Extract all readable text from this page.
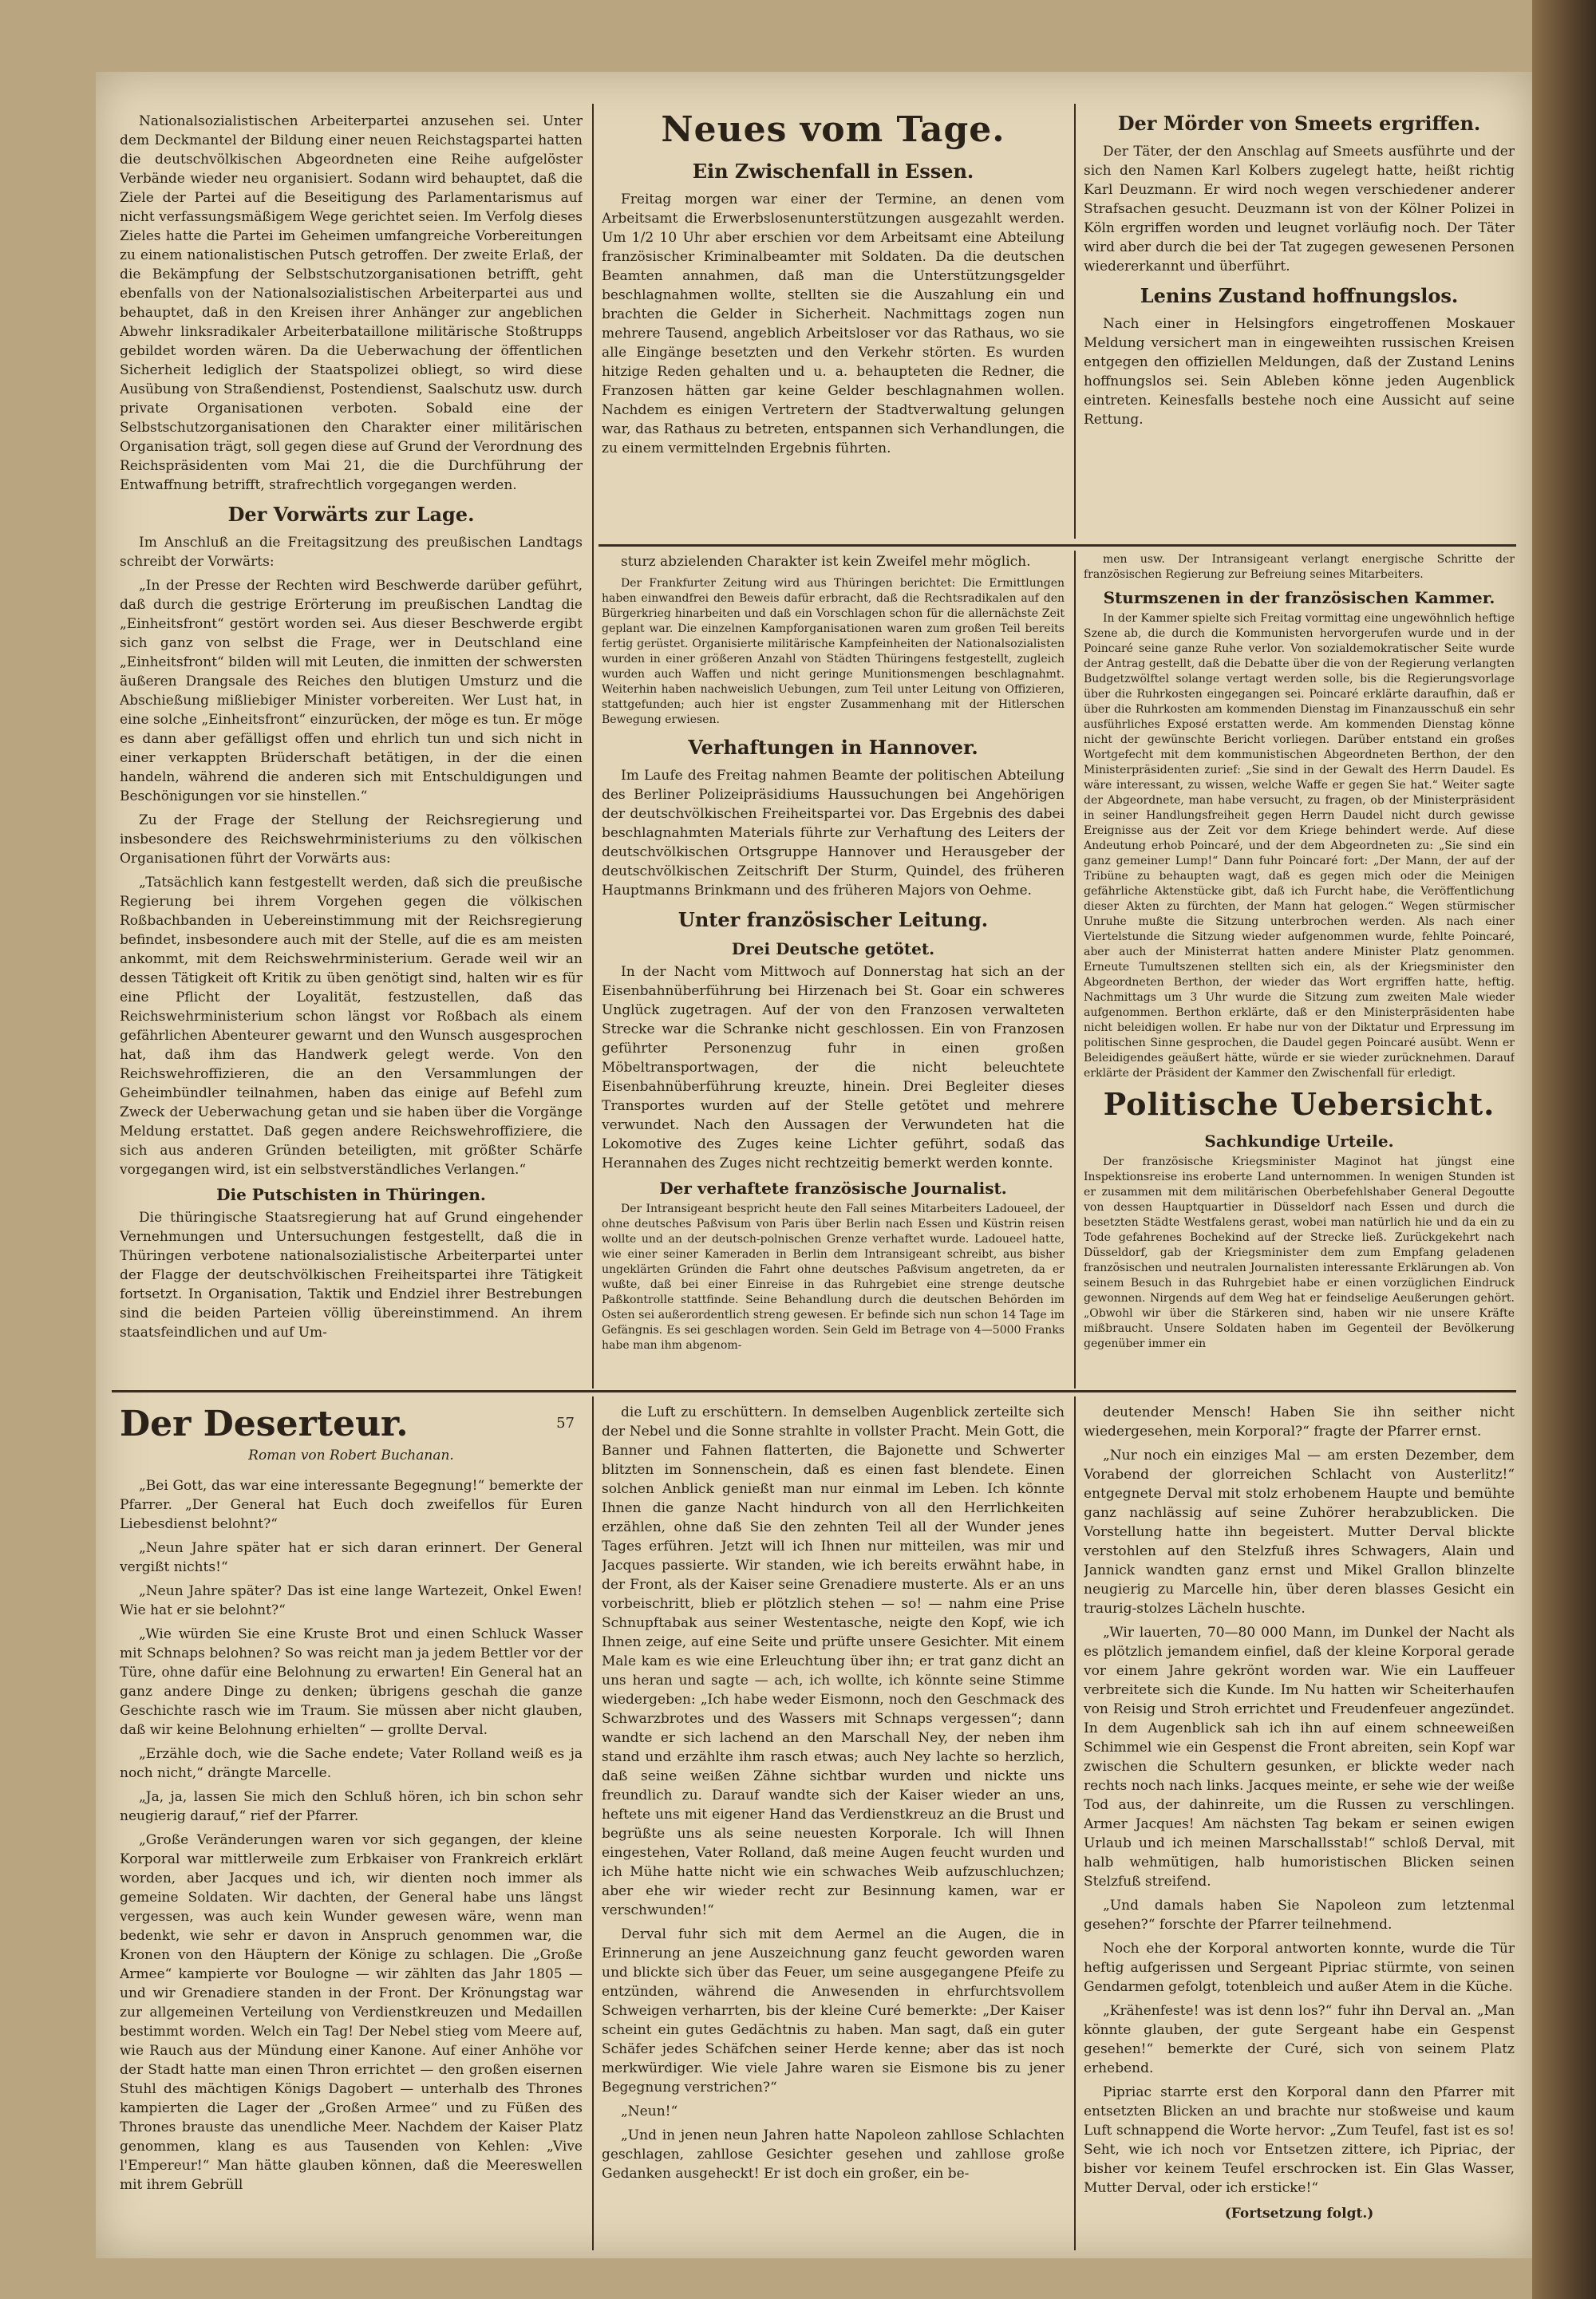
Nationalsozialistischen Arbeiterpartei anzusehen sei. Unter dem Deckmantel der Bildung einer neuen Reichstagspartei hatten die deutschvölkischen Abgeordneten eine Reihe aufgelöster Verbände wieder neu organisiert. Sodann wird behauptet, daß die Ziele der Partei auf die Beseitigung des Parlamentarismus auf nicht verfassungsmäßigem Wege gerichtet seien. Im Verfolg dieses Zieles hatte die Partei im Geheimen umfangreiche Vorbereitungen zu einem nationalistischen Putsch getroffen. Der zweite Erlaß, der die Bekämpfung der Selbstschutzorganisationen betrifft, geht ebenfalls von der Nationalsozialistischen Arbeiterpartei aus und behauptet, daß in den Kreisen ihrer Anhänger zur angeblichen Abwehr linksradikaler Arbeiterbataillone militärische Stoßtrupps gebildet worden wären. Da die Ueberwachung der öffentlichen Sicherheit lediglich der Staatspolizei obliegt, so wird diese Ausübung von Straßendienst, Postendienst, Saalschutz usw. durch private Organisationen verboten. Sobald eine der Selbstschutzorganisationen den Charakter einer militärischen Organisation trägt, soll gegen diese auf Grund der Verordnung des Reichspräsidenten vom Mai 21, die die Durchführung der Entwaffnung betrifft, strafrechtlich vorgegangen werden.

Der Vorwärts zur Lage.

Im Anschluß an die Freitagsitzung des preußischen Landtags schreibt der Vorwärts:

„In der Presse der Rechten wird Beschwerde darüber geführt, daß durch die gestrige Erörterung im preußischen Landtag die „Einheitsfront“ gestört worden sei. Aus dieser Beschwerde ergibt sich ganz von selbst die Frage, wer in Deutschland eine „Einheitsfront“ bilden will mit Leuten, die inmitten der schwersten äußeren Drangsale des Reiches den blutigen Umsturz und die Abschießung mißliebiger Minister vorbereiten. Wer Lust hat, in eine solche „Einheitsfront“ einzurücken, der möge es tun. Er möge es dann aber gefälligst offen und ehrlich tun und sich nicht in einer verkappten Brüderschaft betätigen, in der die einen handeln, während die anderen sich mit Entschuldigungen und Beschönigungen vor sie hinstellen.“

Zu der Frage der Stellung der Reichsregierung und insbesondere des Reichswehrministeriums zu den völkischen Organisationen führt der Vorwärts aus:

„Tatsächlich kann festgestellt werden, daß sich die preußische Regierung bei ihrem Vorgehen gegen die völkischen Roßbachbanden in Uebereinstimmung mit der Reichsregierung befindet, insbesondere auch mit der Stelle, auf die es am meisten ankommt, mit dem Reichswehrministerium. Gerade weil wir an dessen Tätigkeit oft Kritik zu üben genötigt sind, halten wir es für eine Pflicht der Loyalität, festzustellen, daß das Reichswehrministerium schon längst vor Roßbach als einem gefährlichen Abenteurer gewarnt und den Wunsch ausgesprochen hat, daß ihm das Handwerk gelegt werde. Von den Reichswehroffizieren, die an den Versammlungen der Geheimbündler teilnahmen, haben das einige auf Befehl zum Zweck der Ueberwachung getan und sie haben über die Vorgänge Meldung erstattet. Daß gegen andere Reichswehroffiziere, die sich aus anderen Gründen beteiligten, mit größter Schärfe vorgegangen wird, ist ein selbstverständliches Verlangen.“

Die Putschisten in Thüringen.

Die thüringische Staatsregierung hat auf Grund eingehender Vernehmungen und Untersuchungen festgestellt, daß die in Thüringen verbotene nationalsozialistische Arbeiterpartei unter der Flagge der deutschvölkischen Freiheitspartei ihre Tätigkeit fortsetzt. In Organisation, Taktik und Endziel ihrer Bestrebungen sind die beiden Parteien völlig übereinstimmend. An ihrem staatsfeindlichen und auf Um-

Neues vom Tage.
Ein Zwischenfall in Essen.

Freitag morgen war einer der Termine, an denen vom Arbeitsamt die Erwerbslosenunterstützungen ausgezahlt werden. Um 1/2 10 Uhr aber erschien vor dem Arbeitsamt eine Abteilung französischer Kriminalbeamter mit Soldaten. Da die deutschen Beamten annahmen, daß man die Unterstützungsgelder beschlagnahmen wollte, stellten sie die Auszahlung ein und brachten die Gelder in Sicherheit. Nachmittags zogen nun mehrere Tausend, angeblich Arbeitsloser vor das Rathaus, wo sie alle Eingänge besetzten und den Verkehr störten. Es wurden hitzige Reden gehalten und u. a. behaupteten die Redner, die Franzosen hätten gar keine Gelder beschlagnahmen wollen. Nachdem es einigen Vertretern der Stadtverwaltung gelungen war, das Rathaus zu betreten, entspannen sich Verhandlungen, die zu einem vermittelnden Ergebnis führten.

Der Mörder von Smeets ergriffen.

Der Täter, der den Anschlag auf Smeets ausführte und der sich den Namen Karl Kolbers zugelegt hatte, heißt richtig Karl Deuzmann. Er wird noch wegen verschiedener anderer Strafsachen gesucht. Deuzmann ist von der Kölner Polizei in Köln ergriffen worden und leugnet vorläufig noch. Der Täter wird aber durch die bei der Tat zugegen gewesenen Personen wiedererkannt und überführt.

Lenins Zustand hoffnungslos.

Nach einer in Helsingfors eingetroffenen Moskauer Meldung versichert man in eingeweihten russischen Kreisen entgegen den offiziellen Meldungen, daß der Zustand Lenins hoffnungslos sei. Sein Ableben könne jeden Augenblick eintreten. Keinesfalls bestehe noch eine Aussicht auf seine Rettung.

sturz abzielenden Charakter ist kein Zweifel mehr möglich.

Der Frankfurter Zeitung wird aus Thüringen berichtet: Die Ermittlungen haben einwandfrei den Beweis dafür erbracht, daß die Rechtsradikalen auf den Bürgerkrieg hinarbeiten und daß ein Vorschlagen schon für die allernächste Zeit geplant war. Die einzelnen Kampforganisationen waren zum großen Teil bereits fertig gerüstet. Organisierte militärische Kampfeinheiten der Nationalsozialisten wurden in einer größeren Anzahl von Städten Thüringens festgestellt, zugleich wurden auch Waffen und nicht geringe Munitionsmengen beschlagnahmt. Weiterhin haben nachweislich Uebungen, zum Teil unter Leitung von Offizieren, stattgefunden; auch hier ist engster Zusammenhang mit der Hitlerschen Bewegung erwiesen.

Verhaftungen in Hannover.

Im Laufe des Freitag nahmen Beamte der politischen Abteilung des Berliner Polizeipräsidiums Haussuchungen bei Angehörigen der deutschvölkischen Freiheitspartei vor. Das Ergebnis des dabei beschlagnahmten Materials führte zur Verhaftung des Leiters der deutschvölkischen Ortsgruppe Hannover und Herausgeber der deutschvölkischen Zeitschrift Der Sturm, Quindel, des früheren Hauptmanns Brinkmann und des früheren Majors von Oehme.

Unter französischer Leitung.
Drei Deutsche getötet.

In der Nacht vom Mittwoch auf Donnerstag hat sich an der Eisenbahnüberführung bei Hirzenach bei St. Goar ein schweres Unglück zugetragen. Auf der von den Franzosen verwalteten Strecke war die Schranke nicht geschlossen. Ein von Franzosen geführter Personenzug fuhr in einen großen Möbeltransportwagen, der die nicht beleuchtete Eisenbahnüberführung kreuzte, hinein. Drei Begleiter dieses Transportes wurden auf der Stelle getötet und mehrere verwundet. Nach den Aussagen der Verwundeten hat die Lokomotive des Zuges keine Lichter geführt, sodaß das Herannahen des Zuges nicht rechtzeitig bemerkt werden konnte.

Der verhaftete französische Journalist.

Der Intransigeant bespricht heute den Fall seines Mitarbeiters Ladoueel, der ohne deutsches Paßvisum von Paris über Berlin nach Essen und Küstrin reisen wollte und an der deutsch-polnischen Grenze verhaftet wurde. Ladoueel hatte, wie einer seiner Kameraden in Berlin dem Intransigeant schreibt, aus bisher ungeklärten Gründen die Fahrt ohne deutsches Paßvisum angetreten, da er wußte, daß bei einer Einreise in das Ruhrgebiet eine strenge deutsche Paßkontrolle stattfinde. Seine Behandlung durch die deutschen Behörden im Osten sei außerordentlich streng gewesen. Er befinde sich nun schon 14 Tage im Gefängnis. Es sei geschlagen worden. Sein Geld im Betrage von 4—5000 Franks habe man ihm abgenom-

men usw. Der Intransigeant verlangt energische Schritte der französischen Regierung zur Befreiung seines Mitarbeiters.

Sturmszenen in der französischen Kammer.

In der Kammer spielte sich Freitag vormittag eine ungewöhnlich heftige Szene ab, die durch die Kommunisten hervorgerufen wurde und in der Poincaré seine ganze Ruhe verlor. Von sozialdemokratischer Seite wurde der Antrag gestellt, daß die Debatte über die von der Regierung verlangten Budgetzwölftel solange vertagt werden solle, bis die Regierungsvorlage über die Ruhrkosten eingegangen sei. Poincaré erklärte daraufhin, daß er über die Ruhrkosten am kommenden Dienstag im Finanzausschuß ein sehr ausführliches Exposé erstatten werde. Am kommenden Dienstag könne nicht der gewünschte Bericht vorliegen. Darüber entstand ein großes Wortgefecht mit dem kommunistischen Abgeordneten Berthon, der den Ministerpräsidenten zurief: „Sie sind in der Gewalt des Herrn Daudel. Es wäre interessant, zu wissen, welche Waffe er gegen Sie hat.“ Weiter sagte der Abgeordnete, man habe versucht, zu fragen, ob der Ministerpräsident in seiner Handlungsfreiheit gegen Herrn Daudel nicht durch gewisse Ereignisse aus der Zeit vor dem Kriege behindert werde. Auf diese Andeutung erhob Poincaré, und der dem Abgeordneten zu: „Sie sind ein ganz gemeiner Lump!“ Dann fuhr Poincaré fort: „Der Mann, der auf der Tribüne zu behaupten wagt, daß es gegen mich oder die Meinigen gefährliche Aktenstücke gibt, daß ich Furcht habe, die Veröffentlichung dieser Akten zu fürchten, der Mann hat gelogen.“ Wegen stürmischer Unruhe mußte die Sitzung unterbrochen werden. Als nach einer Viertelstunde die Sitzung wieder aufgenommen wurde, fehlte Poincaré, aber auch der Ministerrat hatten andere Minister Platz genommen. Erneute Tumultszenen stellten sich ein, als der Kriegsminister den Abgeordneten Berthon, der wieder das Wort ergriffen hatte, heftig. Nachmittags um 3 Uhr wurde die Sitzung zum zweiten Male wieder aufgenommen. Berthon erklärte, daß er den Ministerpräsidenten habe nicht beleidigen wollen. Er habe nur von der Diktatur und Erpressung im politischen Sinne gesprochen, die Daudel gegen Poincaré ausübt. Wenn er Beleidigendes geäußert hätte, würde er sie wieder zurücknehmen. Darauf erklärte der Präsident der Kammer den Zwischenfall für erledigt.

Politische Uebersicht.
Sachkundige Urteile.

Der französische Kriegsminister Maginot hat jüngst eine Inspektionsreise ins eroberte Land unternommen. In wenigen Stunden ist er zusammen mit dem militärischen Oberbefehlshaber General Degoutte von dessen Hauptquartier in Düsseldorf nach Essen und durch die besetzten Städte Westfalens gerast, wobei man natürlich hie und da ein zu Tode gefahrenes Bochekind auf der Strecke ließ. Zurückgekehrt nach Düsseldorf, gab der Kriegsminister dem zum Empfang geladenen französischen und neutralen Journalisten interessante Erklärungen ab. Von seinem Besuch in das Ruhrgebiet habe er einen vorzüglichen Eindruck gewonnen. Nirgends auf dem Weg hat er feindselige Aeußerungen gehört. „Obwohl wir über die Stärkeren sind, haben wir nie unsere Kräfte mißbraucht. Unsere Soldaten haben im Gegenteil der Bevölkerung gegenüber immer ein

Der Deserteur.	57
Roman von Robert Buchanan.

„Bei Gott, das war eine interessante Begegnung!“ bemerkte der Pfarrer. „Der General hat Euch doch zweifellos für Euren Liebesdienst belohnt?“

„Neun Jahre später hat er sich daran erinnert. Der General vergißt nichts!“

„Neun Jahre später? Das ist eine lange Wartezeit, Onkel Ewen! Wie hat er sie belohnt?“

„Wie würden Sie eine Kruste Brot und einen Schluck Wasser mit Schnaps belohnen? So was reicht man ja jedem Bettler vor der Türe, ohne dafür eine Belohnung zu erwarten! Ein General hat an ganz andere Dinge zu denken; übrigens geschah die ganze Geschichte rasch wie im Traum. Sie müssen aber nicht glauben, daß wir keine Belohnung erhielten“ — grollte Derval.

„Erzähle doch, wie die Sache endete; Vater Rolland weiß es ja noch nicht,“ drängte Marcelle.

„Ja, ja, lassen Sie mich den Schluß hören, ich bin schon sehr neugierig darauf,“ rief der Pfarrer.

„Große Veränderungen waren vor sich gegangen, der kleine Korporal war mittlerweile zum Erbkaiser von Frankreich erklärt worden, aber Jacques und ich, wir dienten noch immer als gemeine Soldaten. Wir dachten, der General habe uns längst vergessen, was auch kein Wunder gewesen wäre, wenn man bedenkt, wie sehr er davon in Anspruch genommen war, die Kronen von den Häuptern der Könige zu schlagen. Die „Große Armee“ kampierte vor Boulogne — wir zählten das Jahr 1805 — und wir Grenadiere standen in der Front. Der Krönungstag war zur allgemeinen Verteilung von Verdienstkreuzen und Medaillen bestimmt worden. Welch ein Tag! Der Nebel stieg vom Meere auf, wie Rauch aus der Mündung einer Kanone. Auf einer Anhöhe vor der Stadt hatte man einen Thron errichtet — den großen eisernen Stuhl des mächtigen Königs Dagobert — unterhalb des Thrones kampierten die Lager der „Großen Armee“ und zu Füßen des Thrones brauste das unendliche Meer. Nachdem der Kaiser Platz genommen, klang es aus Tausenden von Kehlen: „Vive l'Empereur!“ Man hätte glauben können, daß die Meereswellen mit ihrem Gebrüll

die Luft zu erschüttern. In demselben Augenblick zerteilte sich der Nebel und die Sonne strahlte in vollster Pracht. Mein Gott, die Banner und Fahnen flatterten, die Bajonette und Schwerter blitzten im Sonnenschein, daß es einen fast blendete. Einen solchen Anblick genießt man nur einmal im Leben. Ich könnte Ihnen die ganze Nacht hindurch von all den Herrlichkeiten erzählen, ohne daß Sie den zehnten Teil all der Wunder jenes Tages erführen. Jetzt will ich Ihnen nur mitteilen, was mir und Jacques passierte. Wir standen, wie ich bereits erwähnt habe, in der Front, als der Kaiser seine Grenadiere musterte. Als er an uns vorbeischritt, blieb er plötzlich stehen — so! — nahm eine Prise Schnupftabak aus seiner Westentasche, neigte den Kopf, wie ich Ihnen zeige, auf eine Seite und prüfte unsere Gesichter. Mit einem Male kam es wie eine Erleuchtung über ihn; er trat ganz dicht an uns heran und sagte — ach, ich wollte, ich könnte seine Stimme wiedergeben: „Ich habe weder Eismonn, noch den Geschmack des Schwarzbrotes und des Wassers mit Schnaps vergessen“; dann wandte er sich lachend an den Marschall Ney, der neben ihm stand und erzählte ihm rasch etwas; auch Ney lachte so herzlich, daß seine weißen Zähne sichtbar wurden und nickte uns freundlich zu. Darauf wandte sich der Kaiser wieder an uns, heftete uns mit eigener Hand das Verdienstkreuz an die Brust und begrüßte uns als seine neuesten Korporale. Ich will Ihnen eingestehen, Vater Rolland, daß meine Augen feucht wurden und ich Mühe hatte nicht wie ein schwaches Weib aufzuschluchzen; aber ehe wir wieder recht zur Besinnung kamen, war er verschwunden!“

Derval fuhr sich mit dem Aermel an die Augen, die in Erinnerung an jene Auszeichnung ganz feucht geworden waren und blickte sich über das Feuer, um seine ausgegangene Pfeife zu entzünden, während die Anwesenden in ehrfurchtsvollem Schweigen verharrten, bis der kleine Curé bemerkte: „Der Kaiser scheint ein gutes Gedächtnis zu haben. Man sagt, daß ein guter Schäfer jedes Schäfchen seiner Herde kenne; aber das ist noch merkwürdiger. Wie viele Jahre waren sie Eismone bis zu jener Begegnung verstrichen?“

„Neun!“

„Und in jenen neun Jahren hatte Napoleon zahllose Schlachten geschlagen, zahllose Gesichter gesehen und zahllose große Gedanken ausgeheckt! Er ist doch ein großer, ein be-

deutender Mensch! Haben Sie ihn seither nicht wiedergesehen, mein Korporal?“ fragte der Pfarrer ernst.

„Nur noch ein einziges Mal — am ersten Dezember, dem Vorabend der glorreichen Schlacht von Austerlitz!“ entgegnete Derval mit stolz erhobenem Haupte und bemühte ganz nachlässig auf seine Zuhörer herabzublicken. Die Vorstellung hatte ihn begeistert. Mutter Derval blickte verstohlen auf den Stelzfuß ihres Schwagers, Alain und Jannick wandten ganz ernst und Mikel Grallon blinzelte neugierig zu Marcelle hin, über deren blasses Gesicht ein traurig-stolzes Lächeln huschte.

„Wir lauerten, 70—80 000 Mann, im Dunkel der Nacht als es plötzlich jemandem einfiel, daß der kleine Korporal gerade vor einem Jahre gekrönt worden war. Wie ein Lauffeuer verbreitete sich die Kunde. Im Nu hatten wir Scheiterhaufen von Reisig und Stroh errichtet und Freudenfeuer angezündet. In dem Augenblick sah ich ihn auf einem schneeweißen Schimmel wie ein Gespenst die Front abreiten, sein Kopf war zwischen die Schultern gesunken, er blickte weder nach rechts noch nach links. Jacques meinte, er sehe wie der weiße Tod aus, der dahinreite, um die Russen zu verschlingen. Armer Jacques! Am nächsten Tag bekam er seinen ewigen Urlaub und ich meinen Marschallsstab!“ schloß Derval, mit halb wehmütigen, halb humoristischen Blicken seinen Stelzfuß streifend.

„Und damals haben Sie Napoleon zum letztenmal gesehen?“ forschte der Pfarrer teilnehmend.

Noch ehe der Korporal antworten konnte, wurde die Tür heftig aufgerissen und Sergeant Pipriac stürmte, von seinen Gendarmen gefolgt, totenbleich und außer Atem in die Küche.

„Krähenfeste! was ist denn los?“ fuhr ihn Derval an. „Man könnte glauben, der gute Sergeant habe ein Gespenst gesehen!“ bemerkte der Curé, sich von seinem Platz erhebend.

Pipriac starrte erst den Korporal dann den Pfarrer mit entsetzten Blicken an und brachte nur stoßweise und kaum Luft schnappend die Worte hervor: „Zum Teufel, fast ist es so! Seht, wie ich noch vor Entsetzen zittere, ich Pipriac, der bisher vor keinem Teufel erschrocken ist. Ein Glas Wasser, Mutter Derval, oder ich ersticke!“

(Fortsetzung folgt.)
